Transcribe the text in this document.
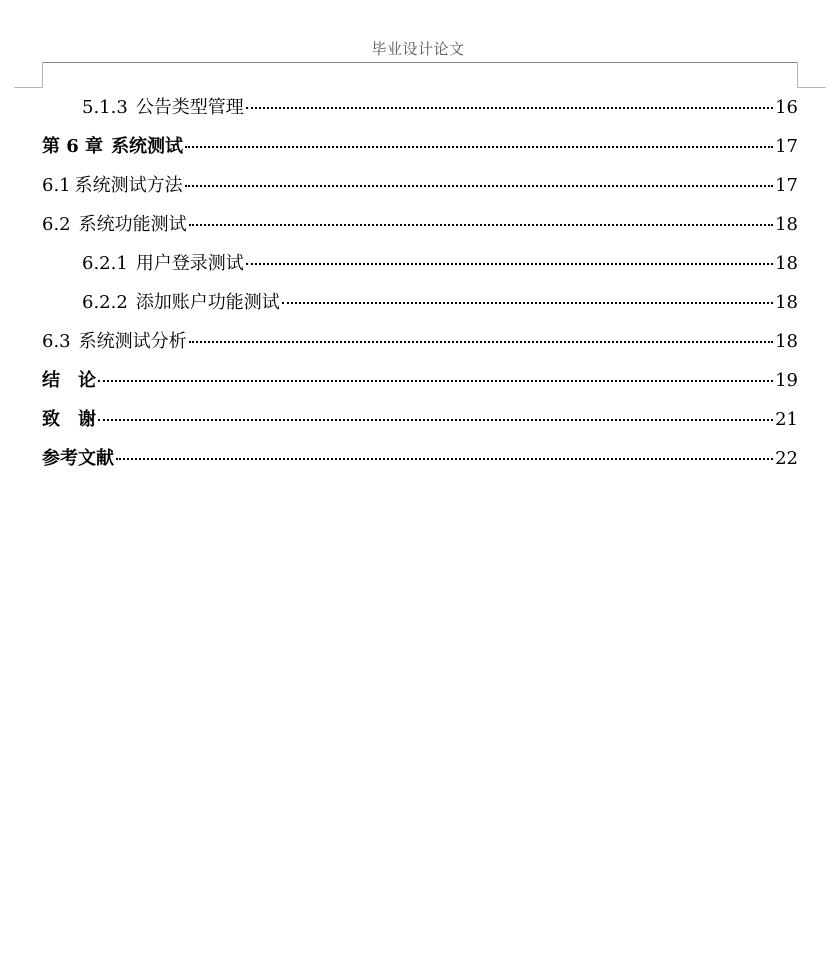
毕业设计论文
5.1.3 公告类型管理	16
第 6 章 系统测试	17
6.1 系统测试方法	17
6.2 系统功能测试	18
6.2.1 用户登录测试	18
6.2.2 添加账户功能测试	18
6.3 系统测试分析	18
结　论	19
致　谢	21
参考文献	22
